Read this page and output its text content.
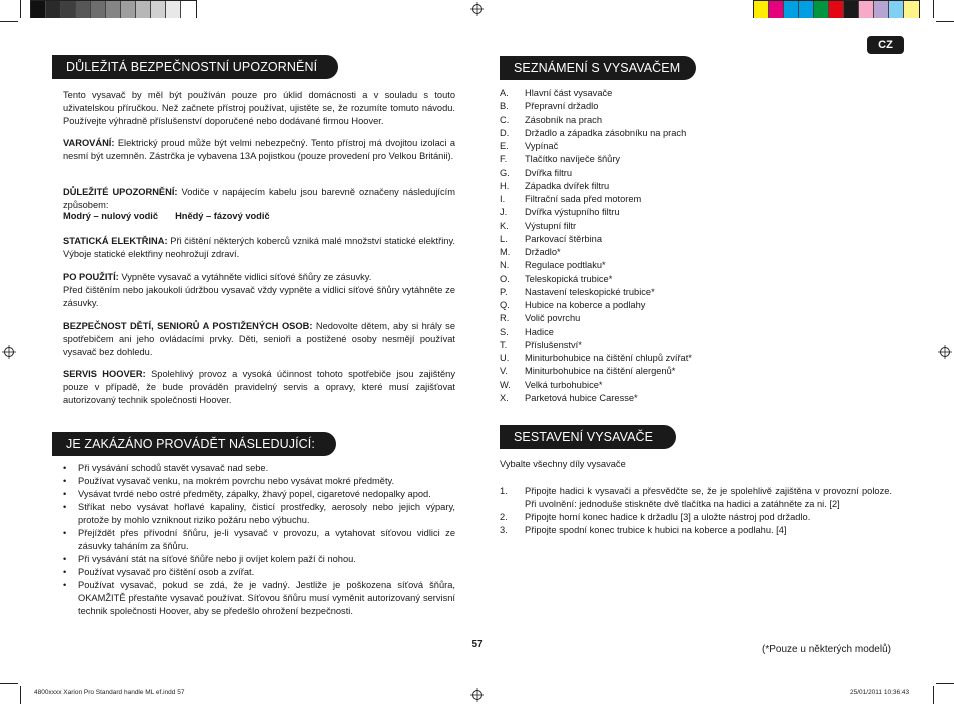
CZ
DŮLEŽITÁ BEZPEČNOSTNÍ UPOZORNĚNÍ
Tento vysavač by měl být používán pouze pro úklid domácnosti a v souladu s touto uživatelskou příručkou. Než začnete přístroj používat, ujistěte se, že rozumíte tomuto návodu. Používejte výhradně příslušenství doporučené nebo dodávané firmou Hoover.
VAROVÁNÍ: Elektrický proud může být velmi nebezpečný. Tento přístroj má dvojitou izolaci a nesmí být uzemněn. Zástrčka je vybavena 13A pojistkou (pouze provedení pro Velkou Británii).
DŮLEŽITÉ UPOZORNĚNÍ: Vodiče v napájecím kabelu jsou barevně označeny následujícím způsobem:
Modrý – nulový vodič Hnědý – fázový vodič
STATICKÁ ELEKTŘINA: Při čištění některých koberců vzniká malé množství statické elektřiny. Výboje statické elektřiny neohrožují zdraví.
PO POUŽITÍ: Vypněte vysavač a vytáhněte vidlici síťové šňůry ze zásuvky.
Před čištěním nebo jakoukoli údržbou vysavač vždy vypněte a vidlici síťové šňůry vytáhněte ze zásuvky.
BEZPEČNOST DĚTÍ, SENIORŮ A POSTIŽENÝCH OSOB: Nedovolte dětem, aby si hrály se spotřebičem ani jeho ovládacími prvky. Děti, senioři a postižené osoby nesmějí používat vysavač bez dohledu.
SERVIS HOOVER: Spolehlivý provoz a vysoká účinnost tohoto spotřebiče jsou zajištěny pouze v případě, že bude prováděn pravidelný servis a opravy, které musí zajišťovat autorizovaný technik společnosti Hoover.
JE ZAKÁZÁNO PROVÁDĚT NÁSLEDUJÍCÍ:
• Při vysávání schodů stavět vysavač nad sebe.
• Používat vysavač venku, na mokrém povrchu nebo vysávat mokré předměty.
• Vysávat tvrdé nebo ostré předměty, zápalky, žhavý popel, cigaretové nedopalky apod.
• Stříkat nebo vysávat hořlavé kapaliny, čisticí prostředky, aerosoly nebo jejich výpary, protože by mohlo vzniknout riziko požáru nebo výbuchu.
• Přejíždět přes přívodní šňůru, je-li vysavač v provozu, a vytahovat síťovou vidlici ze zásuvky taháním za šňůru.
• Při vysávání stát na síťové šňůře nebo ji ovíjet kolem paží či nohou.
• Používat vysavač pro čištění osob a zvířat.
• Používat vysavač, pokud se zdá, že je vadný. Jestliže je poškozena síťová šňůra, OKAMŽITĚ přestaňte vysavač používat. Síťovou šňůru musí vyměnit autorizovaný servisní technik společnosti Hoover, aby se předešlo ohrožení bezpečnosti.
SEZNÁMENÍ S VYSAVAČEM
A.	Hlavní část vysavače
B.	Přepravní držadlo
C.	Zásobník na prach
D.	Držadlo a západka zásobníku na prach
E.	Vypínač
F.	Tlačítko navíječe šňůry
G.	Dvířka filtru
H.	Západka dvířek filtru
I.	Filtrační sada před motorem
J.	Dvířka výstupního filtru
K.	Výstupní filtr
L.	Parkovací štěrbina
M.	Držadlo*
N.	Regulace podtlaku*
O.	Teleskopická trubice*
P.	Nastavení teleskopické trubice*
Q.	Hubice na koberce a podlahy
R.	Volič povrchu
S.	Hadice
T.	Příslušenství*
U.	Miniturbohubice na čištění chlupů zvířat*
V.	Miniturbohubice na čištění alergenů*
W.	Velká turbohubice*
X.	Parketová hubice Caresse*
SESTAVENÍ VYSAVAČE
Vybalte všechny díly vysavače
1.	Připojte hadici k vysavači a přesvědčte se, že je spolehlivě zajištěna v provozní poloze. Při uvolnění: jednoduše stiskněte dvě tlačítka na hadici a zatáhněte za ni. [2]
2.	Připojte horní konec hadice k držadlu [3] a uložte nástroj pod držadlo.
3.	Připojte spodní konec trubice k hubici na koberce a podlahu. [4]
(*Pouze u některých modelů)
57
4800xxxx Xarion Pro Standard handle ML ef.indd 57	25/01/2011 10:36:43
